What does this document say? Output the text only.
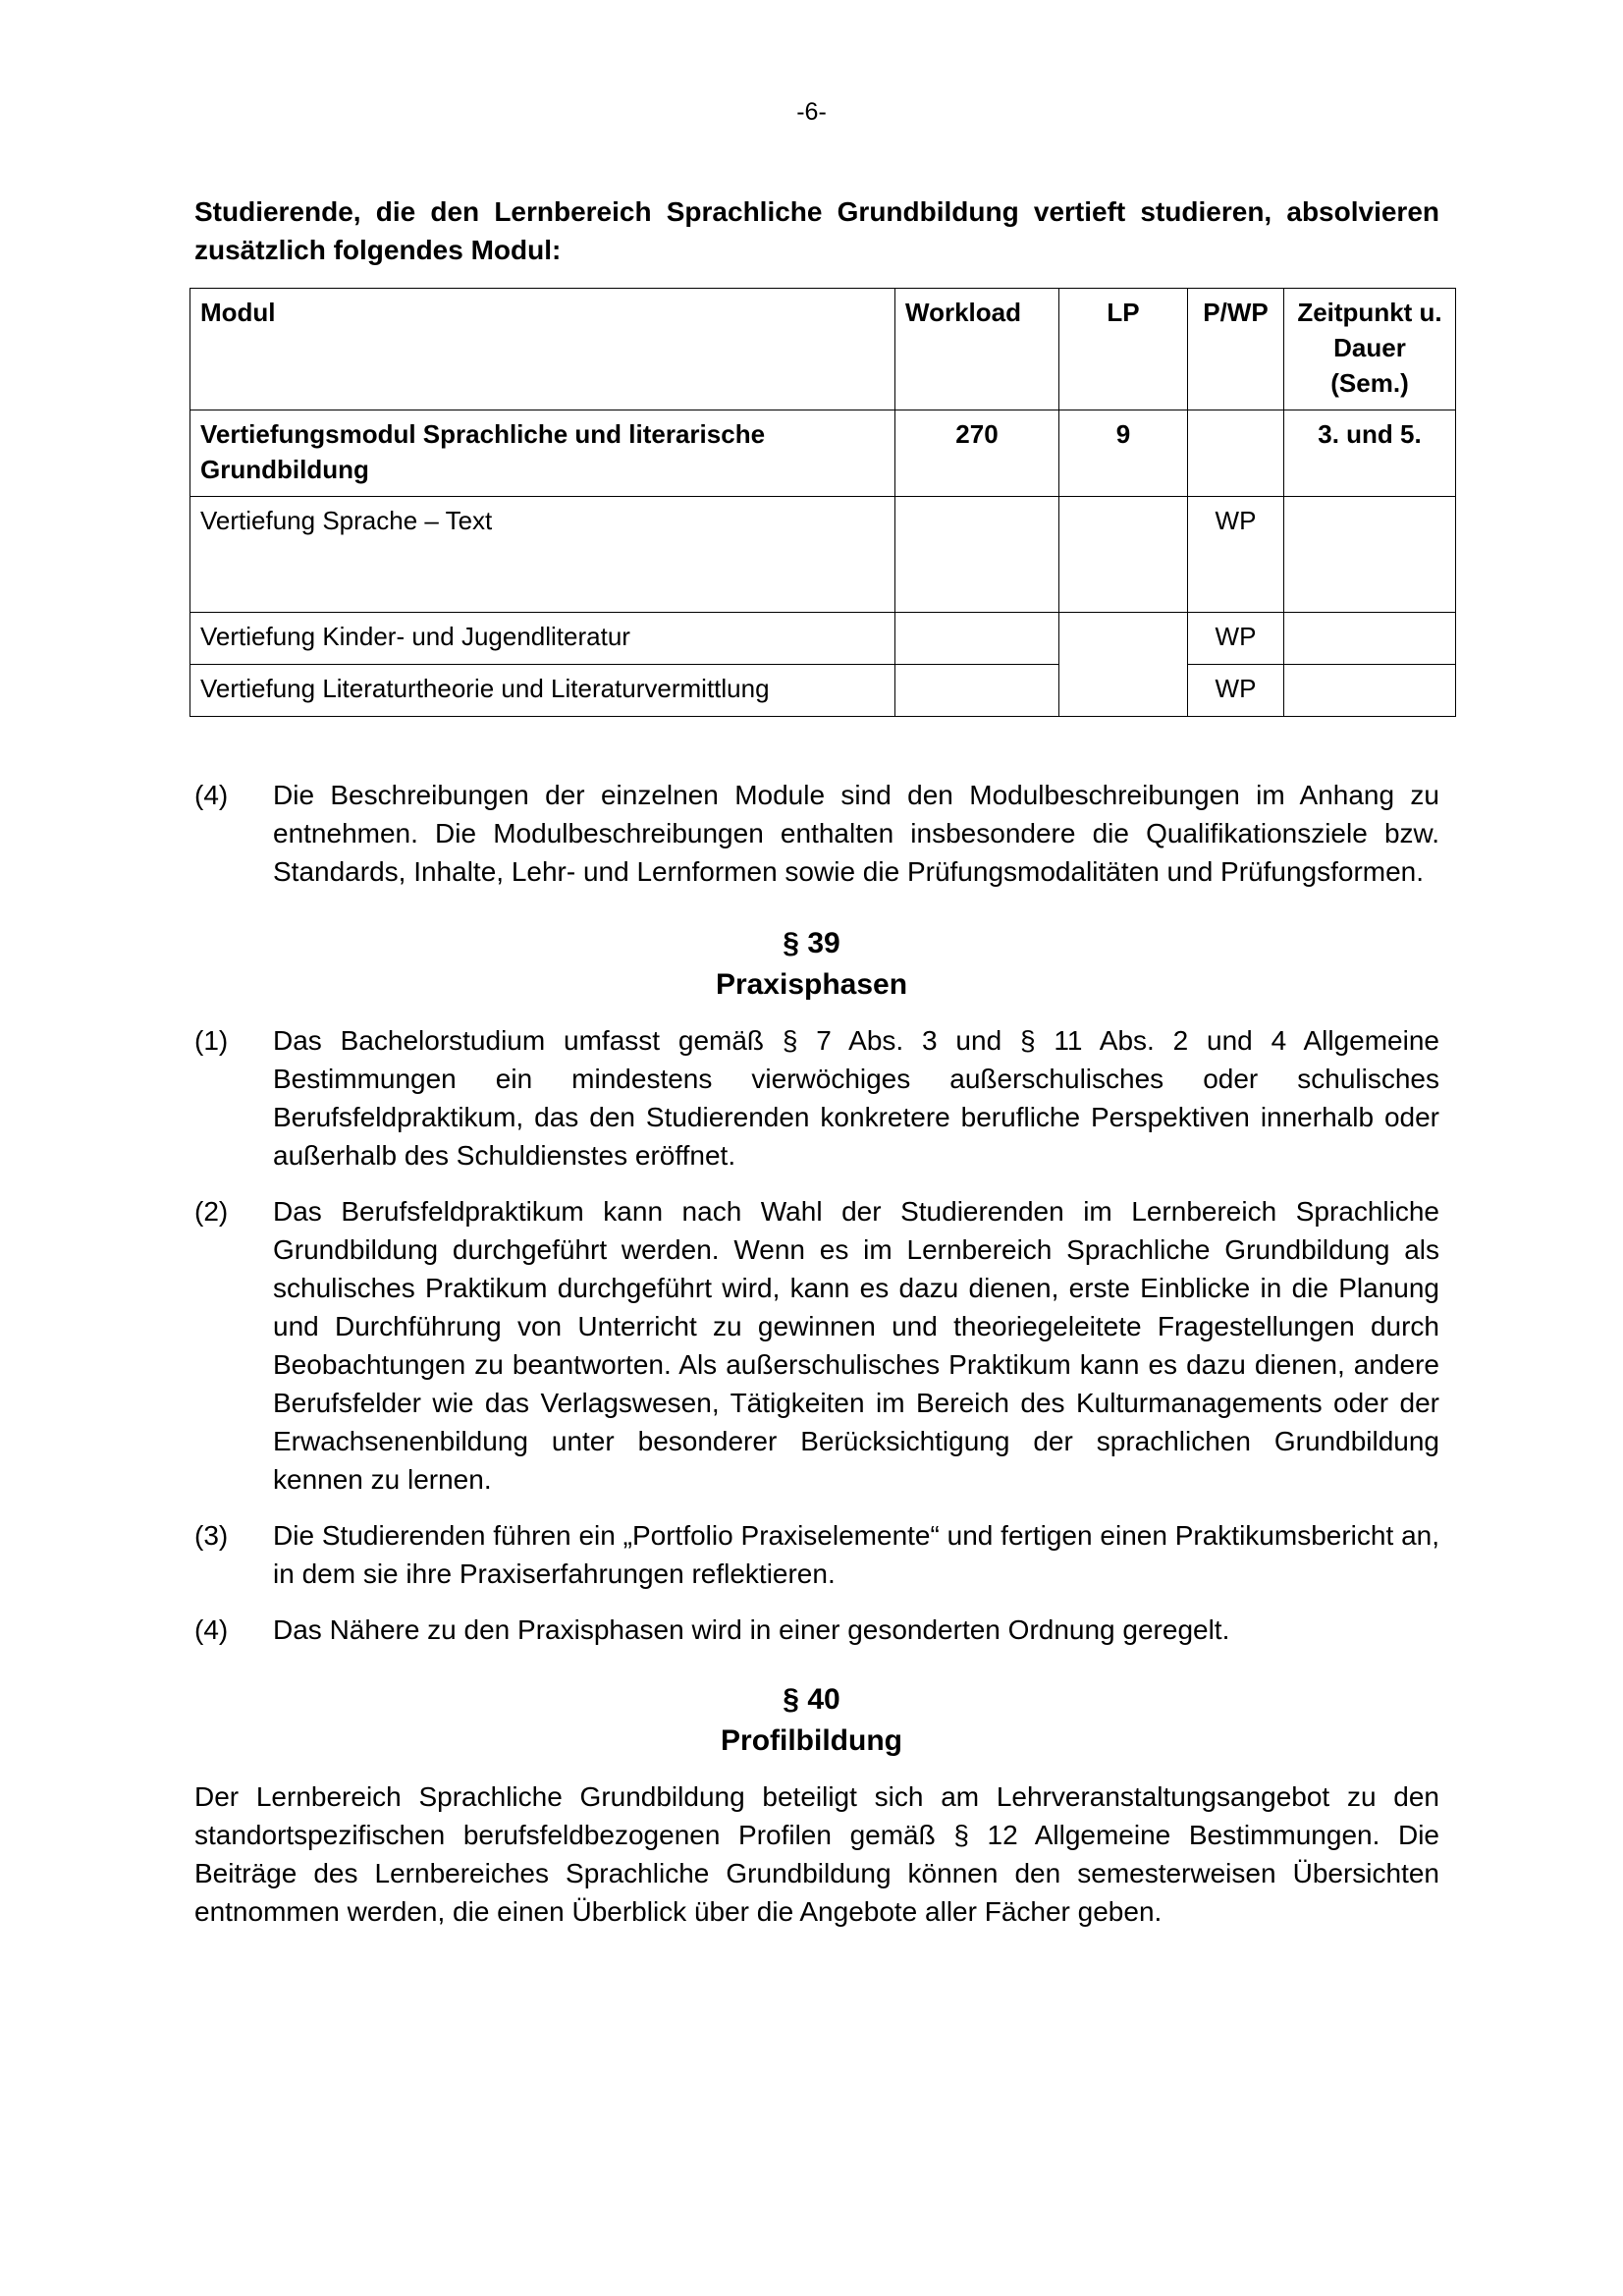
-6-

Studierende, die den Lernbereich Sprachliche Grundbildung vertieft studieren, absolvieren zusätzlich folgendes Modul:

Modul	Workload	LP	P/WP	Zeitpunkt u. Dauer (Sem.)
Vertiefungsmodul Sprachliche und literarische Grundbildung	270	9		3. und 5.
Vertiefung Sprache – Text			WP	
Vertiefung Kinder- und Jugendliteratur			WP	
Vertiefung Literaturtheorie und Literaturvermittlung			WP	
(4) Die Beschreibungen der einzelnen Module sind den Modulbeschreibungen im Anhang zu entnehmen. Die Modulbeschreibungen enthalten insbesondere die Qualifikationsziele bzw. Standards, Inhalte, Lehr- und Lernformen sowie die Prüfungsmodalitäten und Prüfungsformen.
§ 39
Praxisphasen
(1) Das Bachelorstudium umfasst gemäß § 7 Abs. 3 und § 11 Abs. 2 und 4 Allgemeine Bestimmungen ein mindestens vierwöchiges außerschulisches oder schulisches Berufsfeldpraktikum, das den Studierenden konkretere berufliche Perspektiven innerhalb oder außerhalb des Schuldienstes eröffnet.
(2) Das Berufsfeldpraktikum kann nach Wahl der Studierenden im Lernbereich Sprachliche Grundbildung durchgeführt werden. Wenn es im Lernbereich Sprachliche Grundbildung als schulisches Praktikum durchgeführt wird, kann es dazu dienen, erste Einblicke in die Planung und Durchführung von Unterricht zu gewinnen und theoriegeleitete Fragestellungen durch Beobachtungen zu beantworten. Als außerschulisches Praktikum kann es dazu dienen, andere Berufsfelder wie das Verlagswesen, Tätigkeiten im Bereich des Kulturmanagements oder der Erwachsenenbildung unter besonderer Berücksichtigung der sprachlichen Grundbildung kennen zu lernen.
(3) Die Studierenden führen ein „Portfolio Praxiselemente“ und fertigen einen Praktikumsbericht an, in dem sie ihre Praxiserfahrungen reflektieren.
(4) Das Nähere zu den Praxisphasen wird in einer gesonderten Ordnung geregelt.
§ 40
Profilbildung

Der Lernbereich Sprachliche Grundbildung beteiligt sich am Lehrveranstaltungsangebot zu den standortspezifischen berufsfeldbezogenen Profilen gemäß § 12 Allgemeine Bestimmungen. Die Beiträge des Lernbereiches Sprachliche Grundbildung können den semesterweisen Übersichten entnommen werden, die einen Überblick über die Angebote aller Fächer geben.
